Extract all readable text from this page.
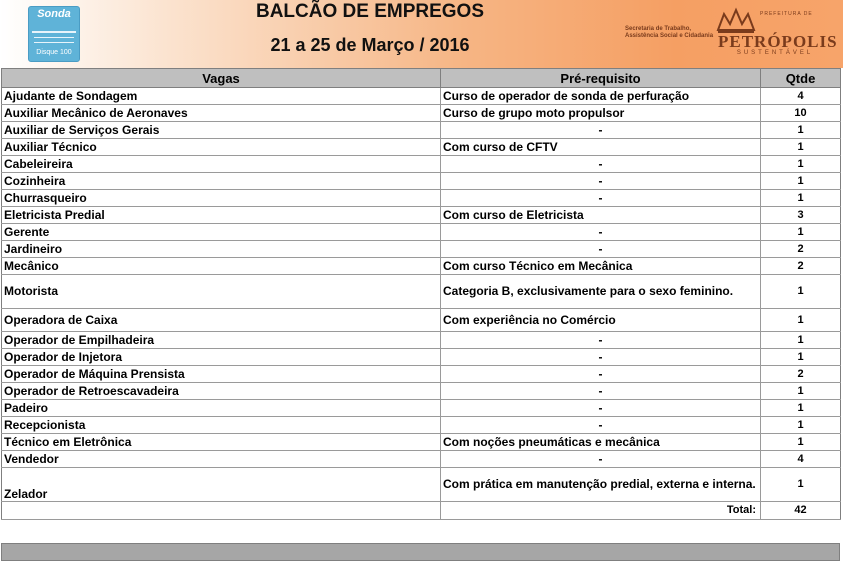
Sonda
Disque 100
BALCÃO DE EMPREGOS
21 a 25 de Março / 2016
Secretaria de Trabalho, Assistência Social e Cidadania
PREFEITURA DE
PETRÓPOLIS
SUSTENTÁVEL
Vagas	Pré-requisito	Qtde
Ajudante de Sondagem	Curso de operador de sonda de perfuração	4
Auxiliar Mecânico de Aeronaves	Curso de grupo moto propulsor	10
Auxiliar de Serviços Gerais	-	1
Auxiliar Técnico	Com curso de CFTV	1
Cabeleireira	-	1
Cozinheira	-	1
Churrasqueiro	-	1
Eletricista Predial	Com curso de Eletricista	3
Gerente	-	1
Jardineiro	-	2
Mecânico	Com curso Técnico em Mecânica	2
Motorista	Categoria B, exclusivamente para o sexo feminino.	1
Operadora de Caixa	Com experiência no Comércio	1
Operador de Empilhadeira	-	1
Operador de Injetora	-	1
Operador de Máquina Prensista	-	2
Operador de Retroescavadeira	-	1
Padeiro	-	1
Recepcionista	-	1
Técnico em Eletrônica	Com noções pneumáticas e mecânica	1
Vendedor	-	4
Zelador	Com prática em manutenção predial, externa e interna.	1
	Total:	42
